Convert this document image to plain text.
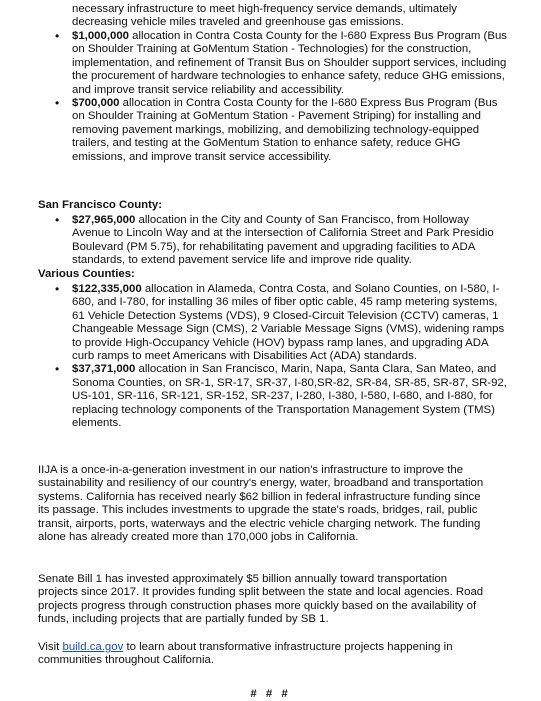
necessary infrastructure to meet high-frequency service demands, ultimately decreasing vehicle miles traveled and greenhouse gas emissions.

• $1,000,000 allocation in Contra Costa County for the I-680 Express Bus Program (Bus on Shoulder Training at GoMentum Station - Technologies) for the construction, implementation, and refinement of Transit Bus on Shoulder support services, including the procurement of hardware technologies to enhance safety, reduce GHG emissions, and improve transit service reliability and accessibility.
• $700,000 allocation in Contra Costa County for the I-680 Express Bus Program (Bus on Shoulder Training at GoMentum Station - Pavement Striping) for installing and removing pavement markings, mobilizing, and demobilizing technology-equipped trailers, and testing at the GoMentum Station to enhance safety, reduce GHG emissions, and improve transit service accessibility.

San Francisco County:

• $27,965,000 allocation in the City and County of San Francisco, from Holloway Avenue to Lincoln Way and at the intersection of California Street and Park Presidio Boulevard (PM 5.75), for rehabilitating pavement and upgrading facilities to ADA standards, to extend pavement service life and improve ride quality.

Various Counties:

• $122,335,000 allocation in Alameda, Contra Costa, and Solano Counties, on I-580, I-680, and I-780, for installing 36 miles of fiber optic cable, 45 ramp metering systems, 61 Vehicle Detection Systems (VDS), 9 Closed-Circuit Television (CCTV) cameras, 1 Changeable Message Sign (CMS), 2 Variable Message Signs (VMS), widening ramps to provide High-Occupancy Vehicle (HOV) bypass ramp lanes, and upgrading ADA curb ramps to meet Americans with Disabilities Act (ADA) standards.
• $37,371,000 allocation in San Francisco, Marin, Napa, Santa Clara, San Mateo, and Sonoma Counties, on SR-1, SR-17, SR-37, I-80,SR-82, SR-84, SR-85, SR-87, SR-92, US-101, SR-116, SR-121, SR-152, SR-237, I-280, I-380, I-580, I-680, and I-880, for replacing technology components of the Transportation Management System (TMS) elements.

IIJA is a once-in-a-generation investment in our nation's infrastructure to improve the sustainability and resiliency of our country's energy, water, broadband and transportation systems. California has received nearly $62 billion in federal infrastructure funding since its passage. This includes investments to upgrade the state's roads, bridges, rail, public transit, airports, ports, waterways and the electric vehicle charging network. The funding alone has already created more than 170,000 jobs in California.

Senate Bill 1 has invested approximately $5 billion annually toward transportation projects since 2017. It provides funding split between the state and local agencies. Road projects progress through construction phases more quickly based on the availability of funds, including projects that are partially funded by SB 1.

Visit build.ca.gov to learn about transformative infrastructure projects happening in communities throughout California.

# # #
